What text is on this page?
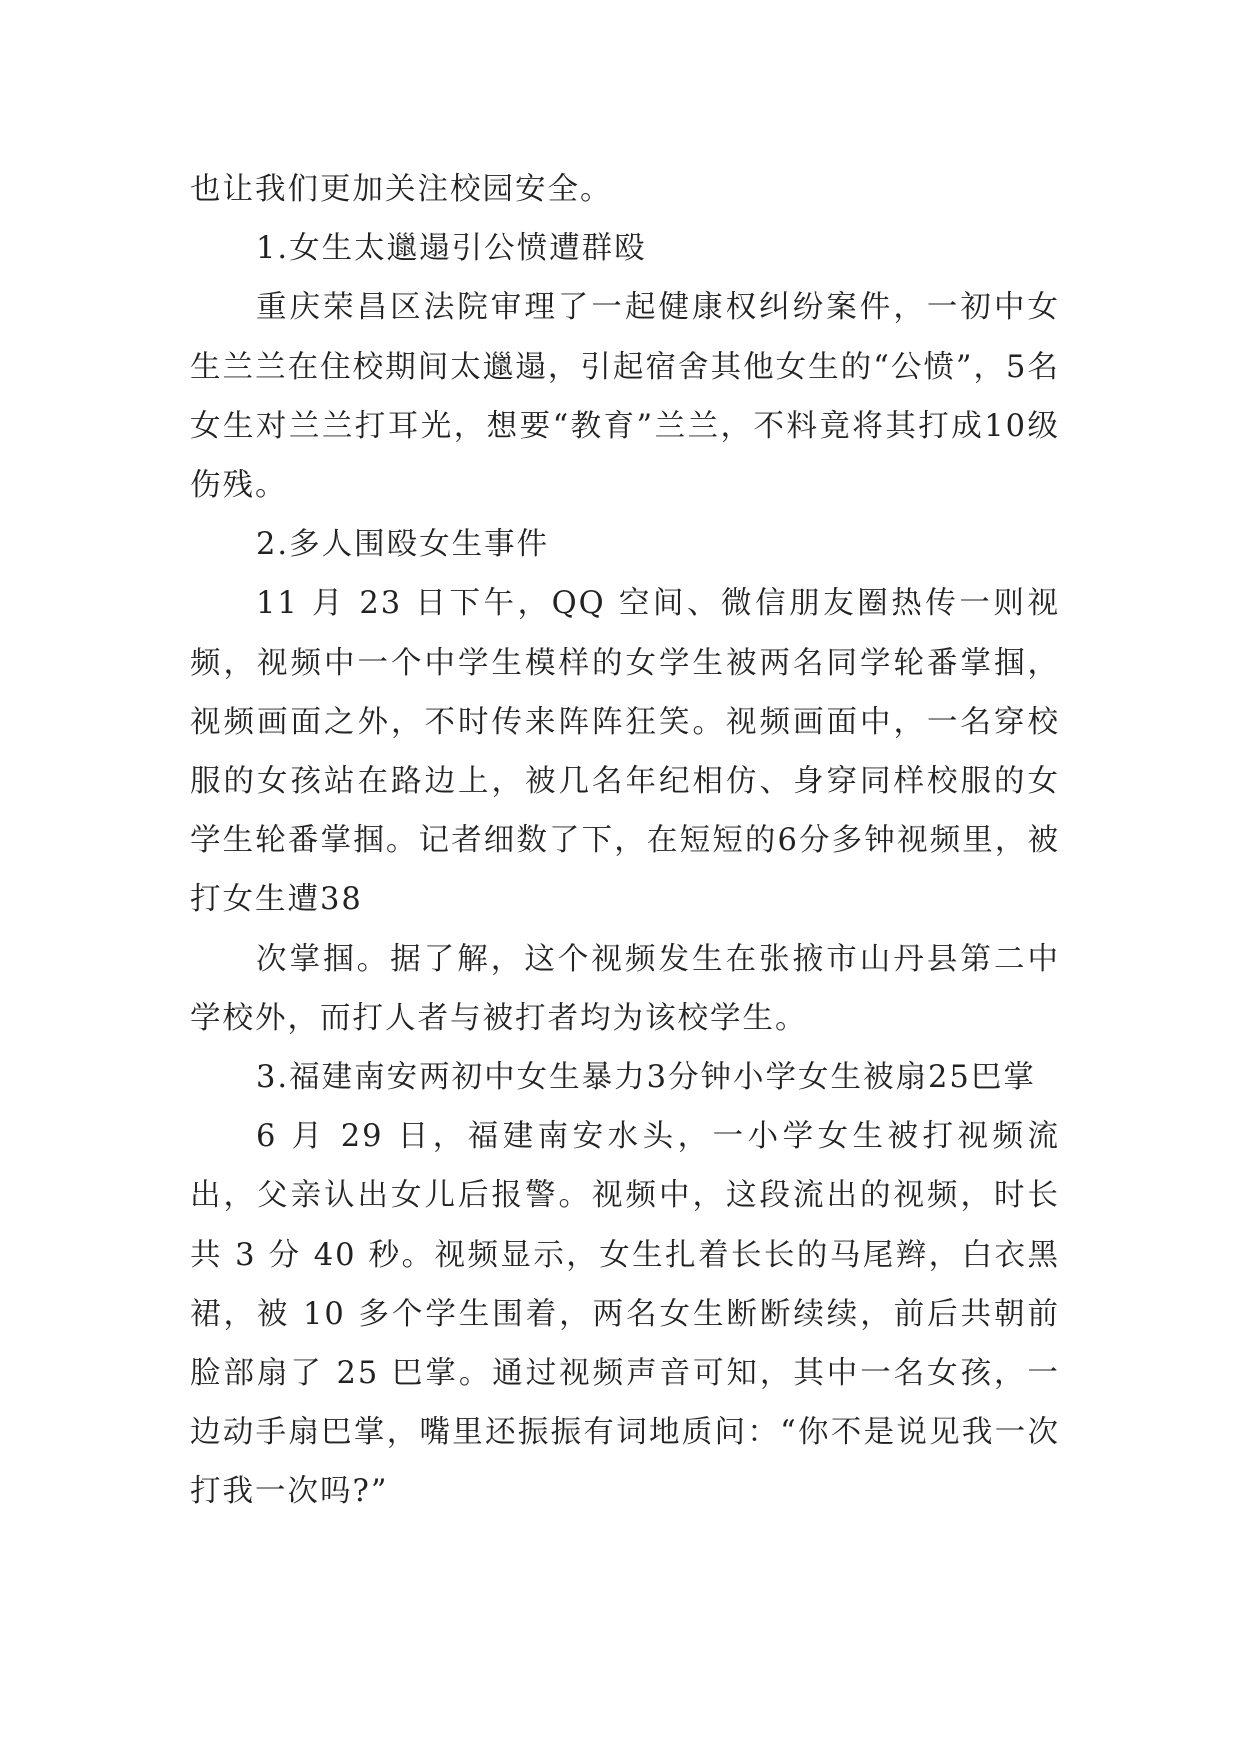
也让我们更加关注校园安全。

1.女生太邋遢引公愤遭群殴

重庆荣昌区法院审理了一起健康权纠纷案件，一初中女生兰兰在住校期间太邋遢，引起宿舍其他女生的“公愤”，5名女生对兰兰打耳光，想要“教育”兰兰，不料竟将其打成10级伤残。

2.多人围殴女生事件

11 月 23 日下午，QQ 空间、微信朋友圈热传一则视频，视频中一个中学生模样的女学生被两名同学轮番掌掴，视频画面之外，不时传来阵阵狂笑。视频画面中，一名穿校服的女孩站在路边上，被几名年纪相仿、身穿同样校服的女学生轮番掌掴。记者细数了下，在短短的6分多钟视频里，被打女生遭38

次掌掴。据了解，这个视频发生在张掖市山丹县第二中学校外，而打人者与被打者均为该校学生。

3.福建南安两初中女生暴力3分钟小学女生被扇25巴掌

6 月 29 日，福建南安水头，一小学女生被打视频流出，父亲认出女儿后报警。视频中，这段流出的视频，时长共 3 分 40 秒。视频显示，女生扎着长长的马尾辫，白衣黑裙，被 10 多个学生围着，两名女生断断续续，前后共朝前脸部扇了 25 巴掌。通过视频声音可知，其中一名女孩，一边动手扇巴掌，嘴里还振振有词地质问：“你不是说见我一次打我一次吗?”
